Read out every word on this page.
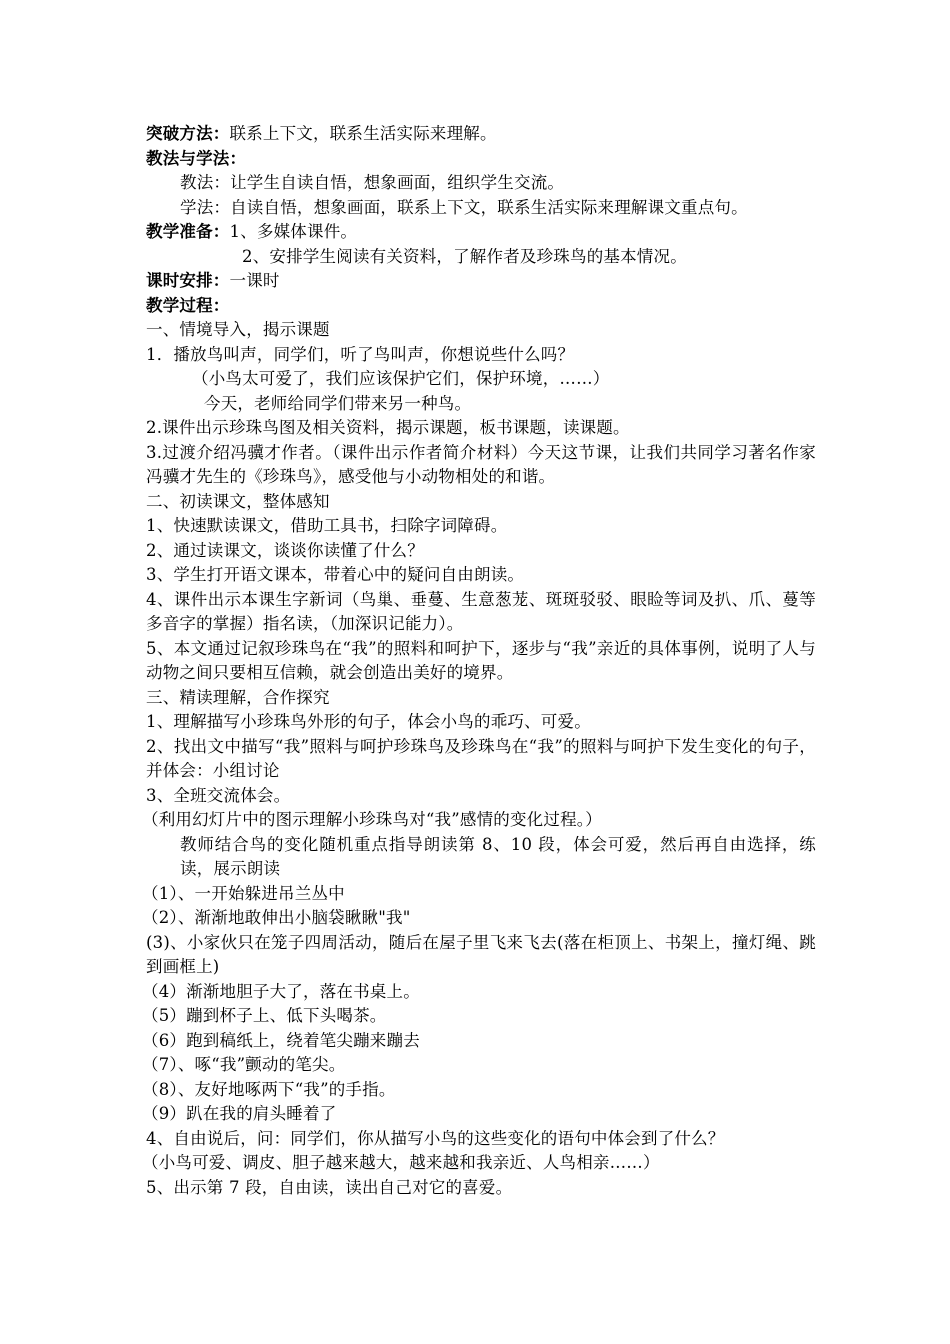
突破方法：联系上下文，联系生活实际来理解。
教法与学法：
教法：让学生自读自悟，想象画面，组织学生交流。
学法：自读自悟，想象画面，联系上下文，联系生活实际来理解课文重点句。
教学准备：1、多媒体课件。
2、安排学生阅读有关资料，了解作者及珍珠鸟的基本情况。
课时安排：一课时
教学过程：
一、情境导入，揭示课题
1．播放鸟叫声，同学们，听了鸟叫声，你想说些什么吗？
（小鸟太可爱了，我们应该保护它们，保护环境，……）
今天，老师给同学们带来另一种鸟。
2.课件出示珍珠鸟图及相关资料，揭示课题，板书课题，读课题。
3.过渡介绍冯骥才作者。（课件出示作者简介材料）今天这节课，让我们共同学习著名作家冯骥才先生的《珍珠鸟》，感受他与小动物相处的和谐。
二、初读课文，整体感知
1、快速默读课文，借助工具书，扫除字词障碍。
2、通过读课文，谈谈你读懂了什么？
3、学生打开语文课本，带着心中的疑问自由朗读。
4、课件出示本课生字新词（鸟巢、垂蔓、生意葱茏、斑斑驳驳、眼睑等词及扒、爪、蔓等多音字的掌握）指名读，（加深识记能力）。
5、本文通过记叙珍珠鸟在“我”的照料和呵护下，逐步与“我”亲近的具体事例，说明了人与动物之间只要相互信赖，就会创造出美好的境界。
三、精读理解，合作探究
1、理解描写小珍珠鸟外形的句子，体会小鸟的乖巧、可爱。
2、找出文中描写“我”照料与呵护珍珠鸟及珍珠鸟在“我”的照料与呵护下发生变化的句子，并体会：小组讨论
3、全班交流体会。
（利用幻灯片中的图示理解小珍珠鸟对“我”感情的变化过程。）
教师结合鸟的变化随机重点指导朗读第 8、10 段，体会可爱，然后再自由选择，练读，展示朗读
（1）、一开始躲进吊兰丛中
（2）、渐渐地敢伸出小脑袋瞅瞅"我"
(3)、小家伙只在笼子四周活动，随后在屋子里飞来飞去(落在柜顶上、书架上，撞灯绳、跳到画框上)
（4）渐渐地胆子大了，落在书桌上。
（5）蹦到杯子上、低下头喝茶。
（6）跑到稿纸上，绕着笔尖蹦来蹦去
（7）、啄“我”颤动的笔尖。
（8）、友好地啄两下“我”的手指。
（9）趴在我的肩头睡着了
4、自由说后，问：同学们，你从描写小鸟的这些变化的语句中体会到了什么？
（小鸟可爱、调皮、胆子越来越大，越来越和我亲近、人鸟相亲……）
5、出示第 7 段，自由读，读出自己对它的喜爱。
